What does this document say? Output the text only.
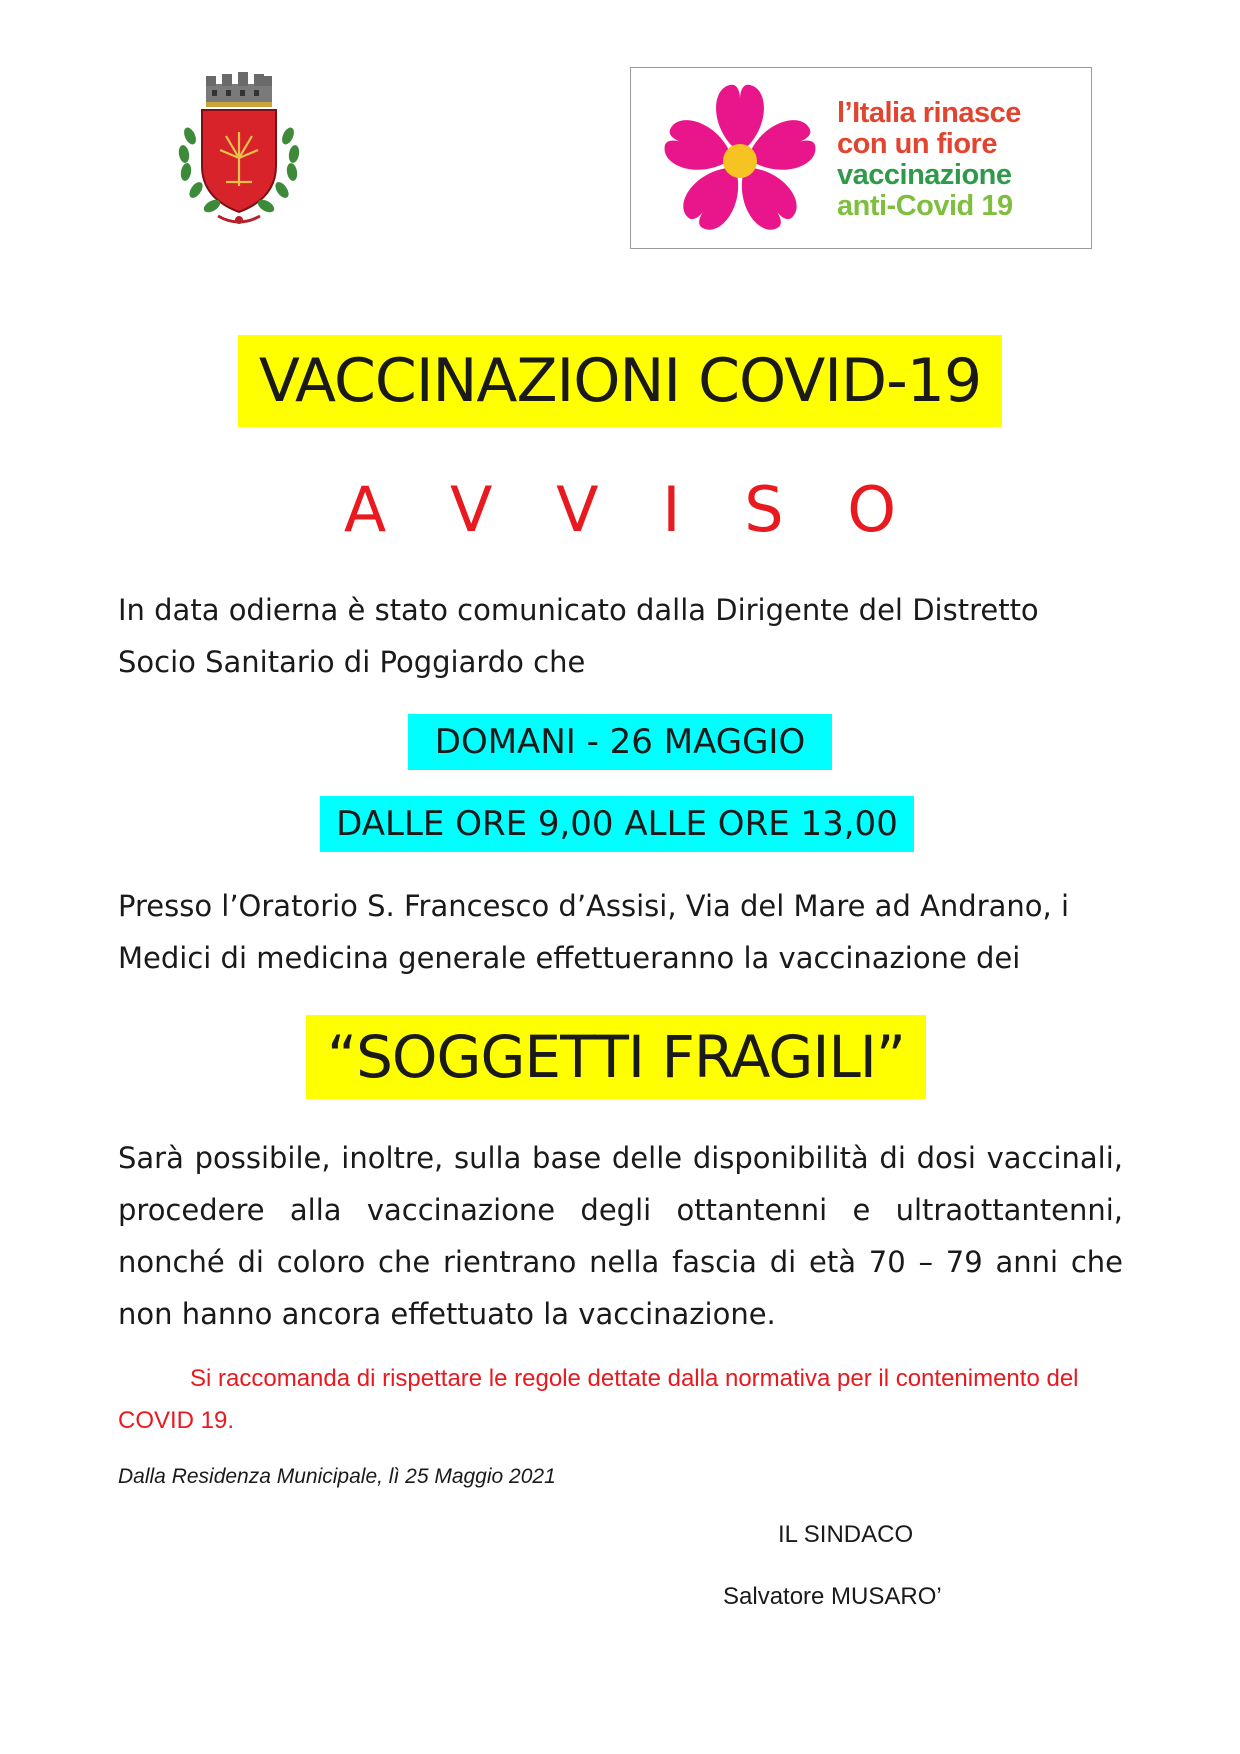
l’Italia rinasce
con un fiore
vaccinazione
anti-Covid 19
VACCINAZIONI COVID-19
A V V I S O
In data odierna è stato comunicato dalla Dirigente del Distretto Socio Sanitario di Poggiardo che
DOMANI - 26 MAGGIO
DALLE ORE 9,00 ALLE ORE 13,00
Presso l’Oratorio S. Francesco d’Assisi, Via del Mare ad Andrano, i Medici di medicina generale effettueranno la vaccinazione dei
“SOGGETTI FRAGILI”
Sarà possibile, inoltre, sulla base delle disponibilità di dosi vaccinali, procedere alla vaccinazione degli ottantenni e ultraottantenni, nonché di coloro che rientrano nella fascia di età 70 – 79 anni che non hanno ancora effettuato la vaccinazione.
Si raccomanda di rispettare le regole dettate dalla normativa per il contenimento del COVID 19.
Dalla Residenza Municipale, lì 25 Maggio 2021
IL SINDACO
Salvatore MUSARO’
